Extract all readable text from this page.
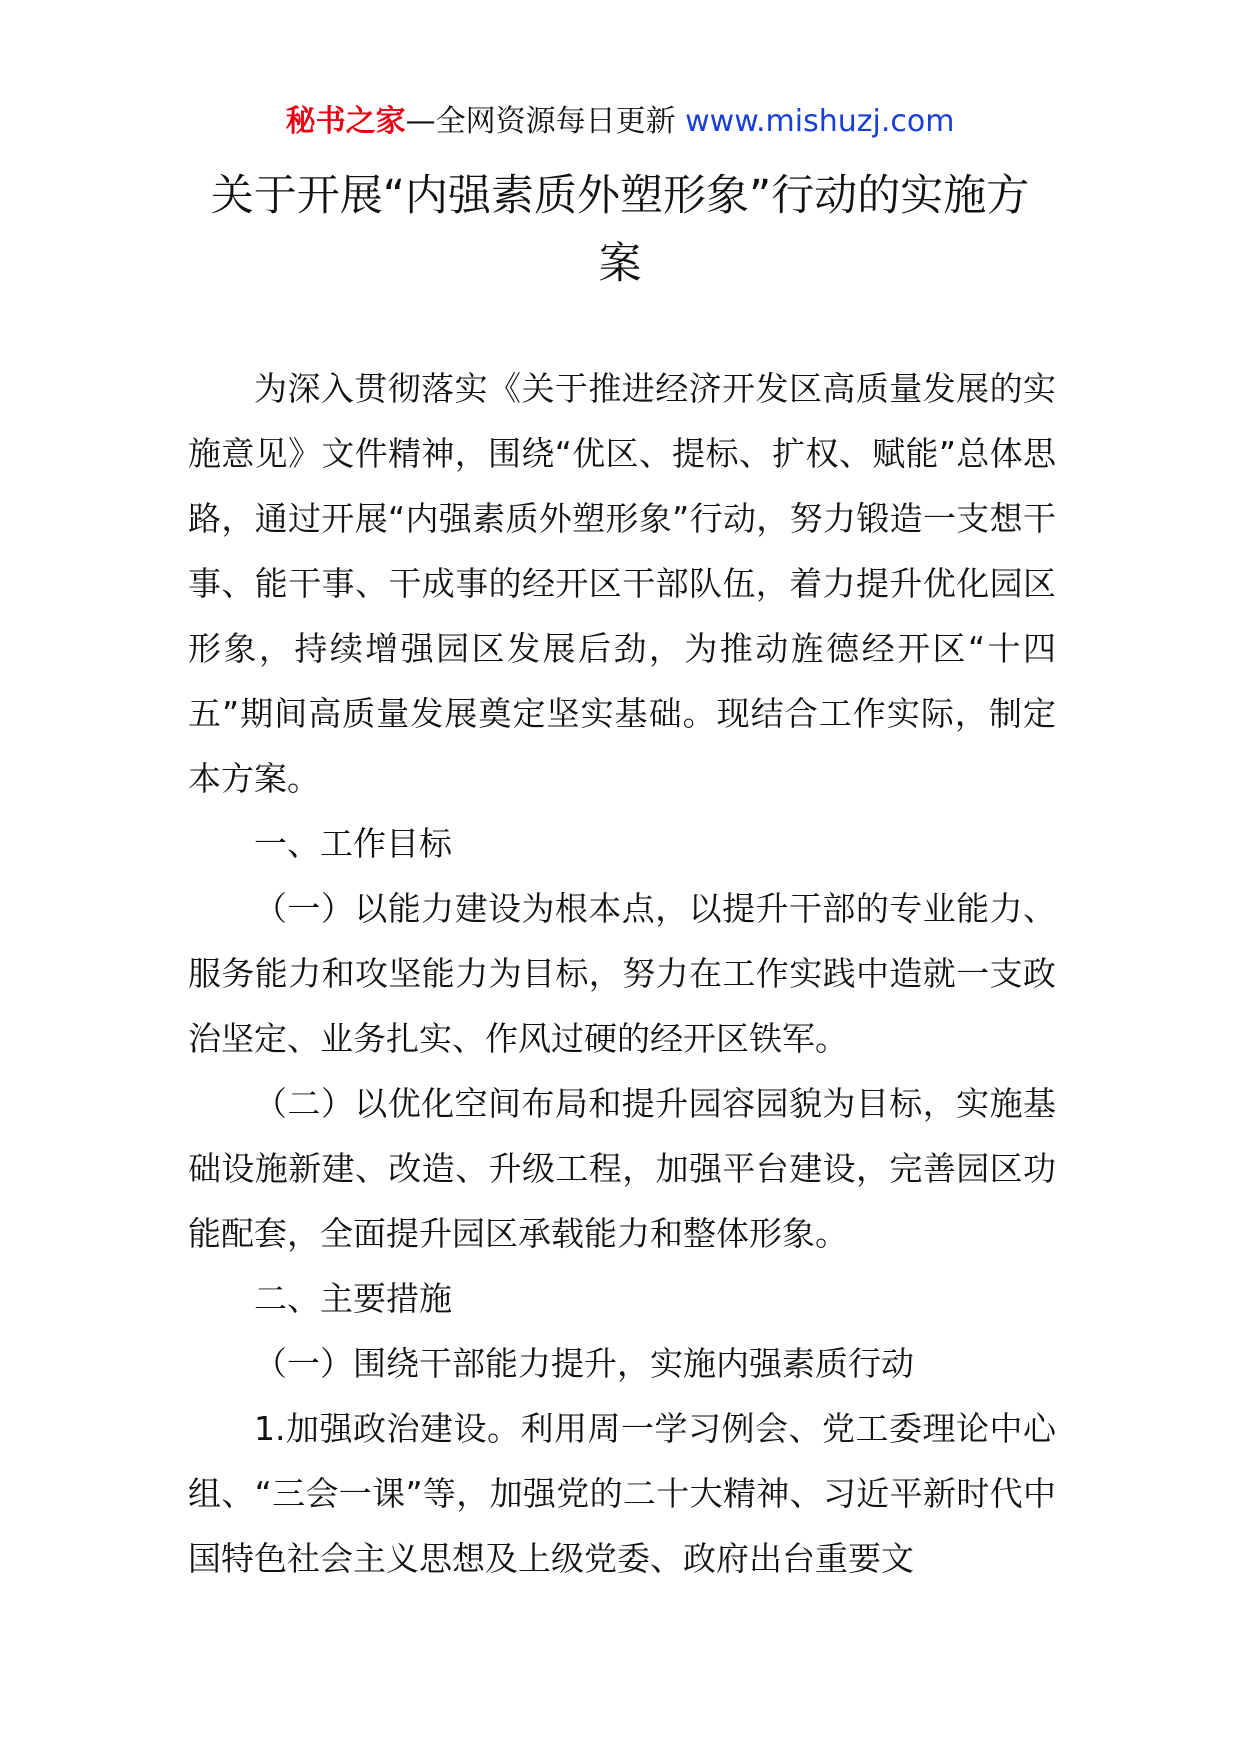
秘书之家—全网资源每日更新 www.mishuzj.com
关于开展“内强素质外塑形象”行动的实施方案

为深入贯彻落实《关于推进经济开发区高质量发展的实施意见》文件精神，围绕“优区、提标、扩权、赋能”总体思路，通过开展“内强素质外塑形象”行动，努力锻造一支想干事、能干事、干成事的经开区干部队伍，着力提升优化园区形象，持续增强园区发展后劲，为推动旌德经开区“十四五”期间高质量发展奠定坚实基础。现结合工作实际，制定本方案。

一、工作目标

（一）以能力建设为根本点，以提升干部的专业能力、服务能力和攻坚能力为目标，努力在工作实践中造就一支政治坚定、业务扎实、作风过硬的经开区铁军。

（二）以优化空间布局和提升园容园貌为目标，实施基础设施新建、改造、升级工程，加强平台建设，完善园区功能配套，全面提升园区承载能力和整体形象。

二、主要措施

（一）围绕干部能力提升，实施内强素质行动

1.加强政治建设。利用周一学习例会、党工委理论中心组、“三会一课”等，加强党的二十大精神、习近平新时代中国特色社会主义思想及上级党委、政府出台重要文
